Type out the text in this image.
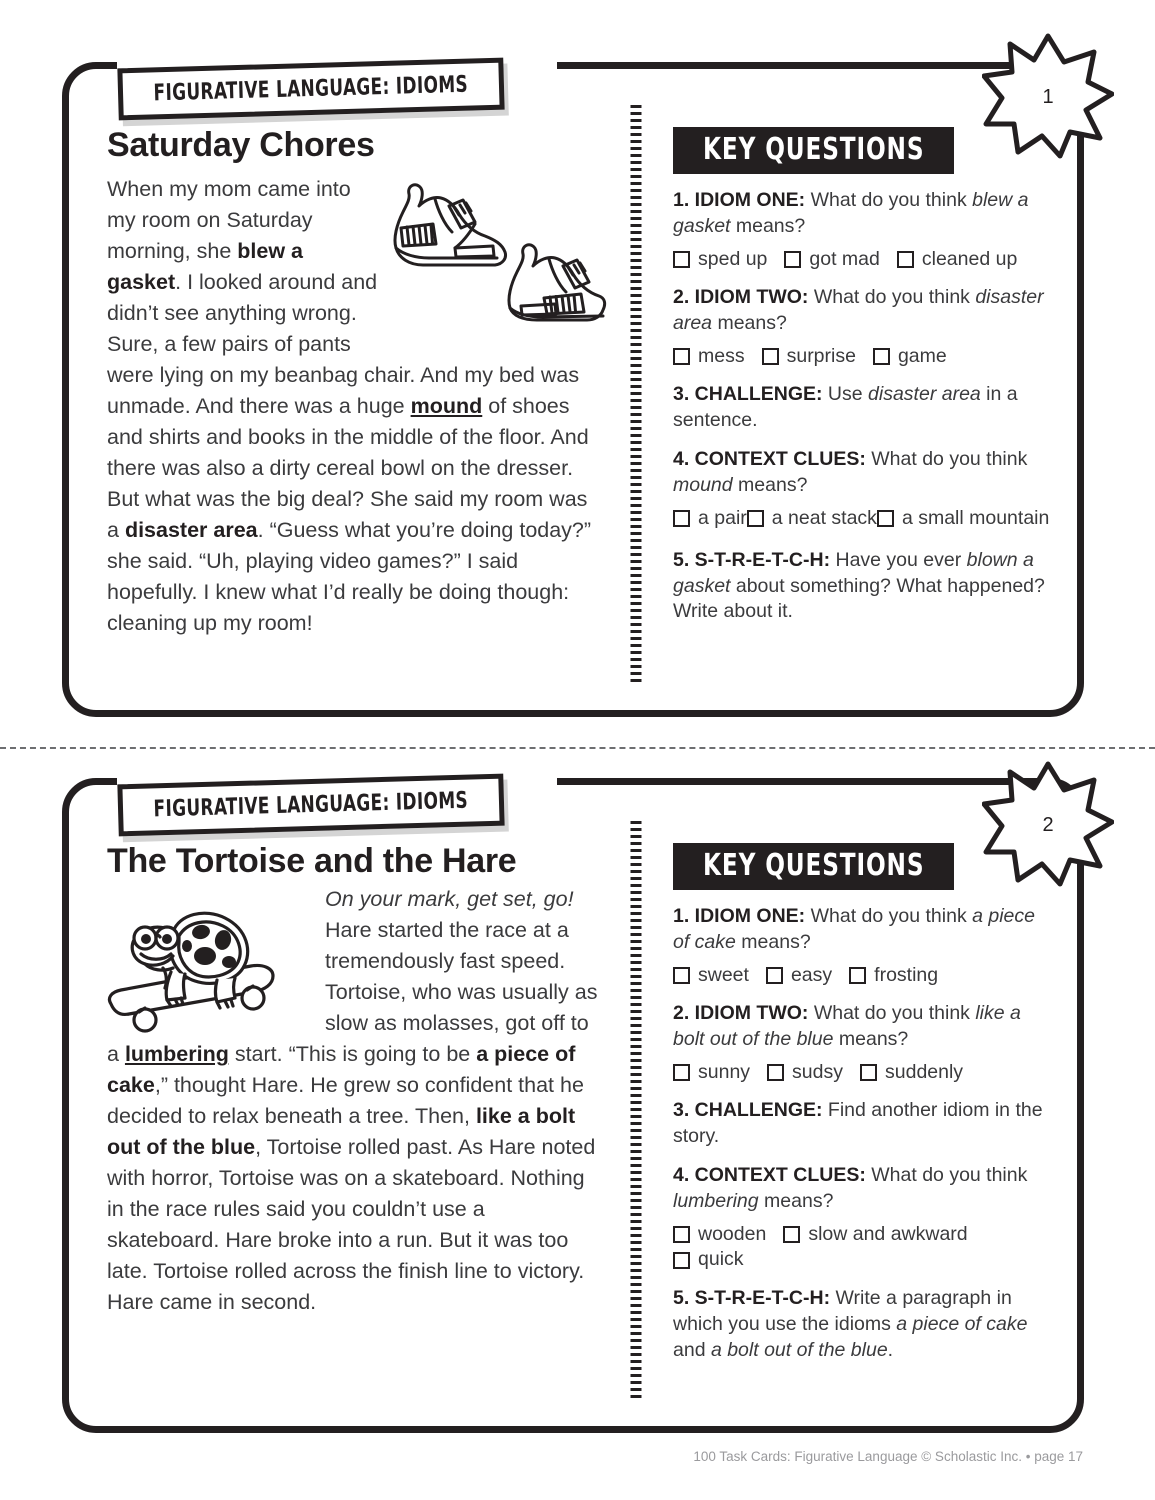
Saturday Chores
When my mom came into my room on Saturday morning, she blew a gasket. I looked around and didn’t see anything wrong. Sure, a few pairs of pants were lying on my beanbag chair. And my bed was unmade. And there was a huge mound of shoes and shirts and books in the middle of the floor. And there was also a dirty cereal bowl on the dresser. But what was the big deal? She said my room was a disaster area. “Guess what you’re doing today?” she said. “Uh, playing video games?” I said hopefully. I knew what I’d really be doing though: cleaning up my room!
KEY QUESTIONS
1. IDIOM ONE: What do you think blew a gasket means?
sped up got mad cleaned up
2. IDIOM TWO: What do you think disaster area means?
mess surprise game
3. CHALLENGE: Use disaster area in a sentence.
4. CONTEXT CLUES: What do you think mound means?
a pair a neat stack a small mountain
5. S-T-R-E-T-C-H: Have you ever blown a gasket about something? What happened? Write about it.
FIGURATIVE LANGUAGE: IDIOMS	1
The Tortoise and the Hare
On your mark, get set, go! Hare started the race at a tremendously fast speed. Tortoise, who was usually as slow as molasses, got off to a lumbering start. “This is going to be a piece of cake,” thought Hare. He grew so confident that he decided to relax beneath a tree. Then, like a bolt out of the blue, Tortoise rolled past. As Hare noted with horror, Tortoise was on a skateboard. Nothing in the race rules said you couldn’t use a skateboard. Hare broke into a run. But it was too late. Tortoise rolled across the finish line to victory. Hare came in second.
KEY QUESTIONS
1. IDIOM ONE: What do you think a piece of cake means?
sweet easy frosting
2. IDIOM TWO: What do you think like a bolt out of the blue means?
sunny sudsy suddenly
3. CHALLENGE: Find another idiom in the story.
4. CONTEXT CLUES: What do you think lumbering means?
wooden slow and awkward
quick
5. S-T-R-E-T-C-H: Write a paragraph in which you use the idioms a piece of cake and a bolt out of the blue.
FIGURATIVE LANGUAGE: IDIOMS
2
100 Task Cards: Figurative Language © Scholastic Inc. • page 17
